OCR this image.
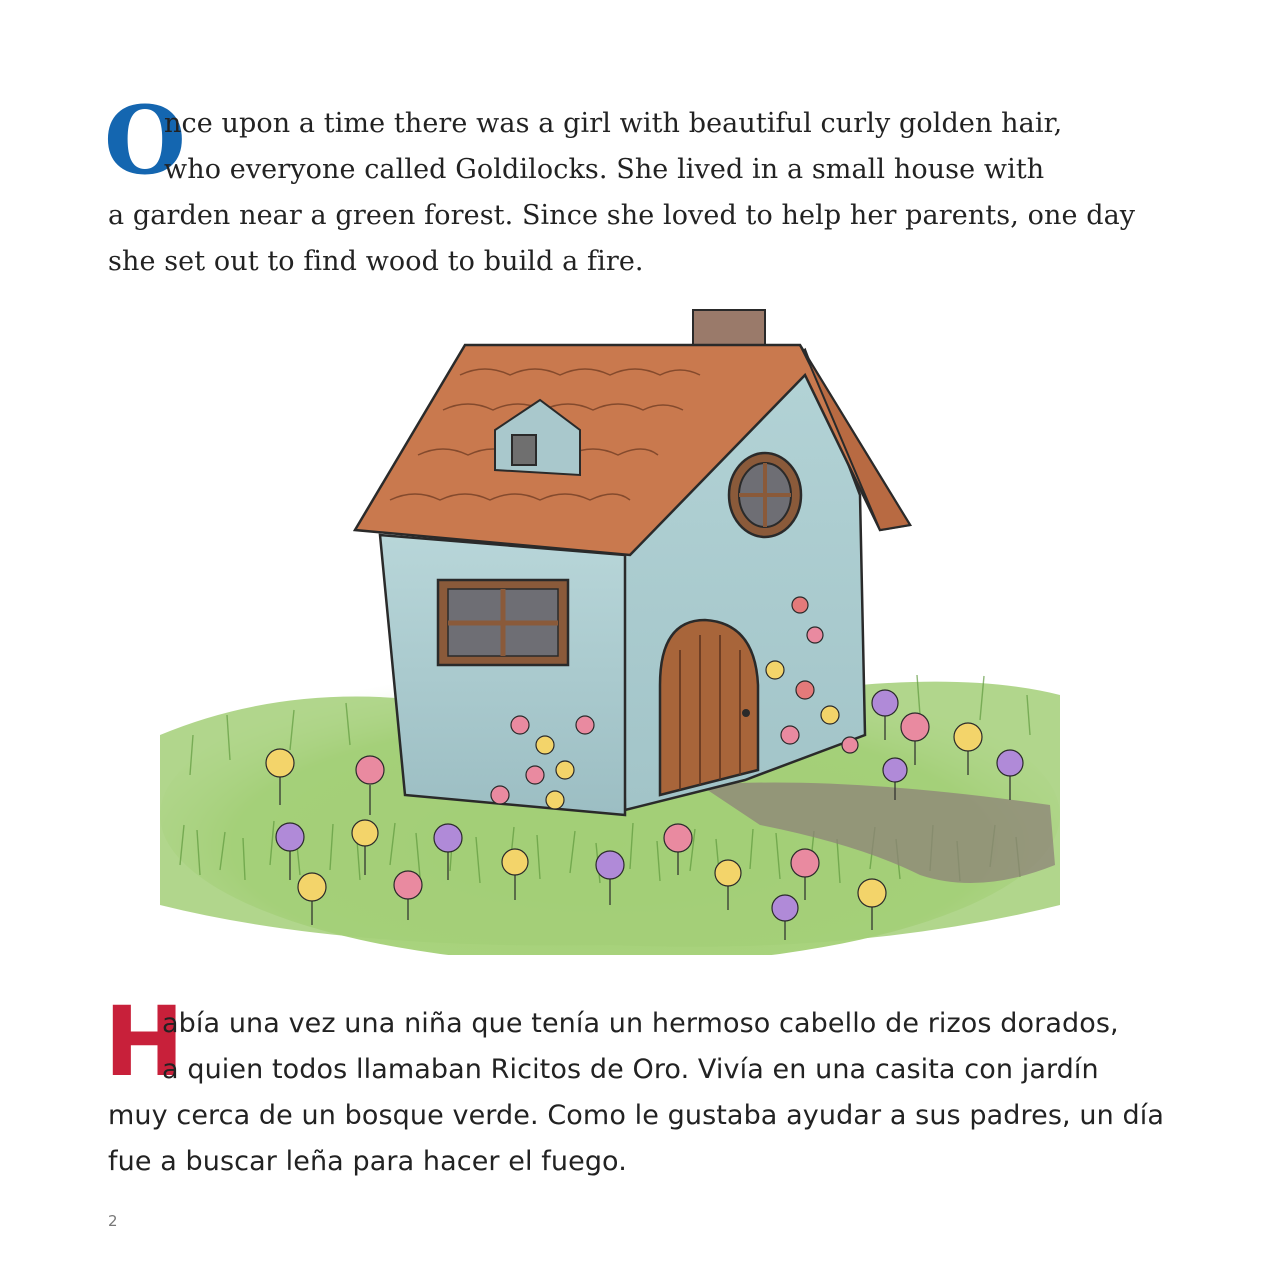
O
nce upon a time there was a girl with beautiful curly golden hair,
who everyone called Goldilocks. She lived in a small house with
a garden near a green forest. Since she loved to help her parents, one day
she set out to find wood to build a fire.
H
abía una vez una niña que tenía un hermoso cabello de rizos dorados,
a quien todos llamaban Ricitos de Oro. Vivía en una casita con jardín
muy cerca de un bosque verde. Como le gustaba ayudar a sus padres, un día
fue a buscar leña para hacer el fuego.
2
